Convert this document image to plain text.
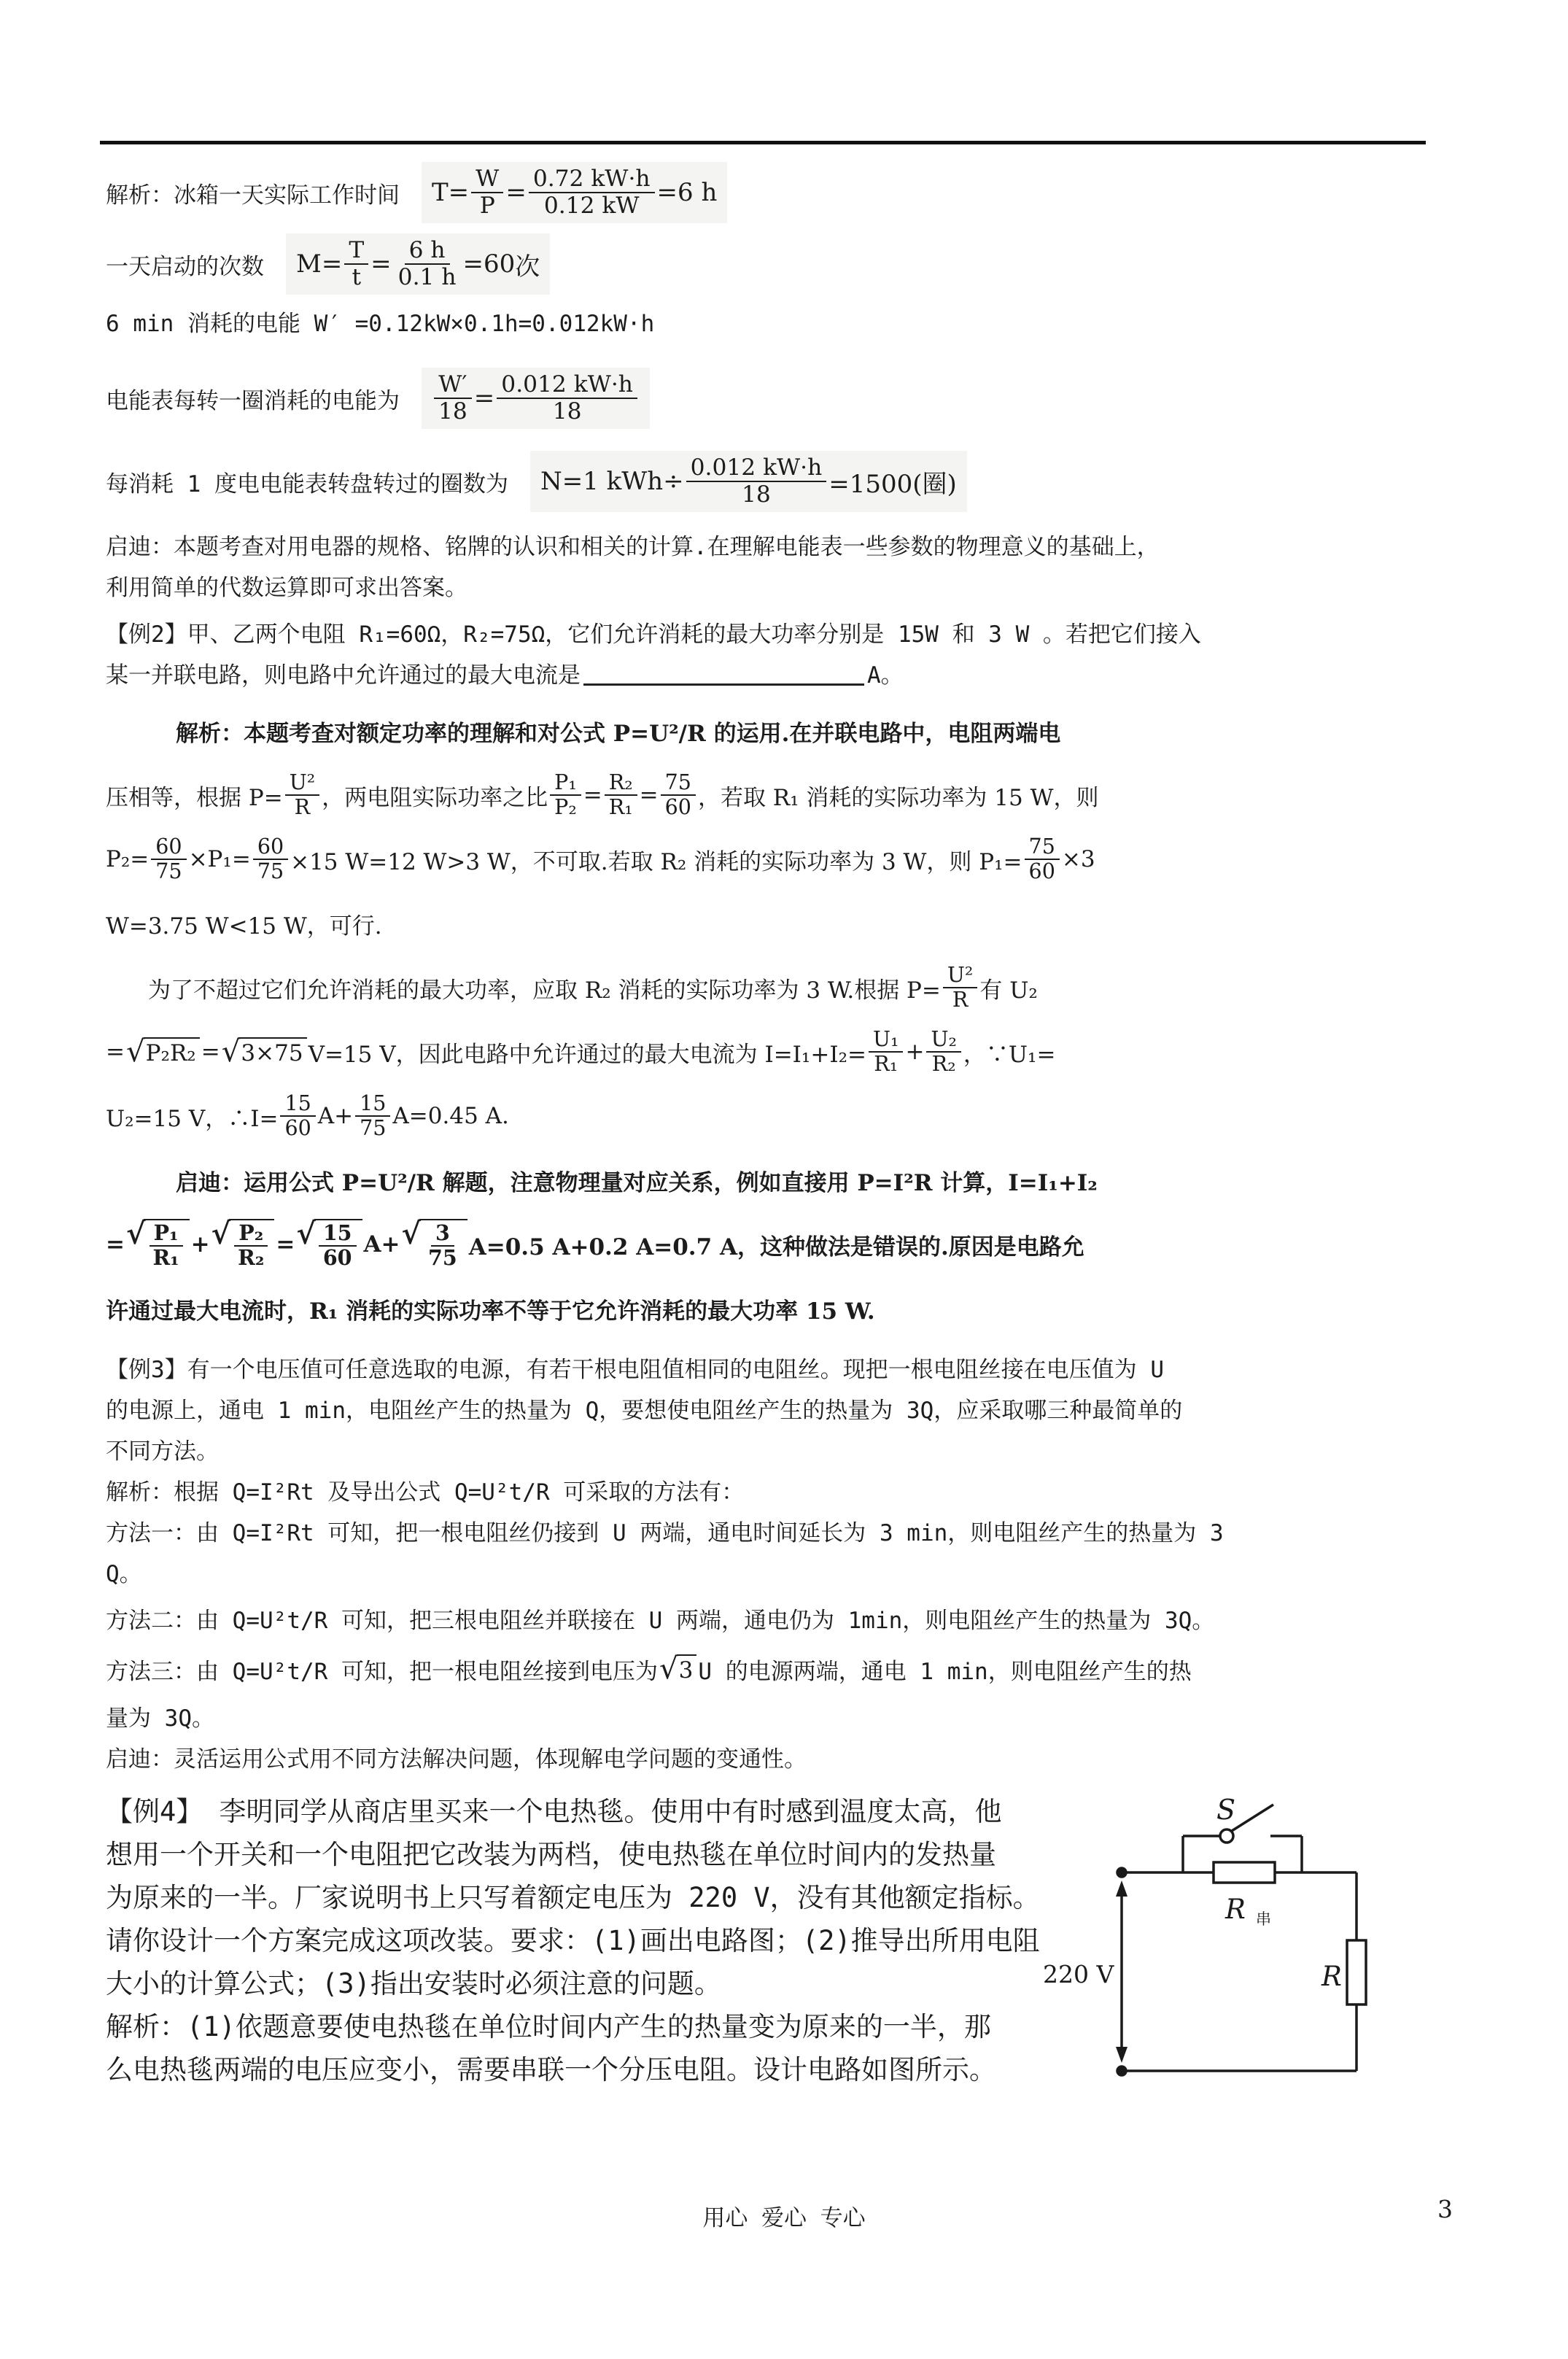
解析：冰箱一天实际工作时间 $T= \frac{W}{P} = \frac{0.72 kW\cdot h}{0.12 kW} =6$ h
一天启动的次数 $M= \frac{T}{t} = \frac{6 h}{0.1 h} =60$ 次
6 min 消耗的电能 W′ =0.12kW×0.1h=0.012kW·h
电能表每转一圈消耗的电能为 $\frac{W'}{18} = \frac{0.012 kW\cdot h}{18}$
每消耗 1 度电电能表转盘转过的圈数为 N=1 $kWh\div \frac{0.012 kW\cdot h}{18} =1500$(圈)
启迪：本题考查对用电器的规格、铭牌的认识和相关的计算.在理解电能表一些参数的物理意义的基础上，
利用简单的代数运算即可求出答案。
【例2】甲、乙两个电阻 R₁=60Ω，R₂=75Ω，它们允许消耗的最大功率分别是 15W 和 3 W 。若把它们接入
某一并联电路，则电路中允许通过的最大电流是	A。
解析：本题考查对额定功率的理解和对公式 P=U²/R 的运用.在并联电路中，电阻两端电
压相等，根据 $P= \frac{\text{U²}}{R}$ ，两电阻实际功率之比 $\frac{\text{P₁}}{\text{P₂}} = \frac{\text{R₂}}{\text{R₁}} = \frac{75}{60}$ ，若取 R₁ 消耗的实际功率为 15 W，则
$P_2= \frac{60}{75} \times P_1= \frac{60}{75} \times 15$ W=12 W>3 W，不可取.若取 R₂ 消耗的实际功率为 3 W，则 $P_1= \frac{75}{60} \times 3$
W=3.75 W<15 W，可行.
为了不超过它们允许消耗的最大功率，应取 R₂ 消耗的实际功率为 3 W.根据 $P= \frac{\text{U²}}{R}$ 有 U₂
= √ P₂R₂ = √ 3×75 V=15 V，因此电路中允许通过的最大电流为 $I=I_1+I_2= \frac{\text{U₁}}{\text{R₁}} + \frac{\text{U₂}}{\text{R₂}}$ ，∵U₁=
U₂=15 V，∴I= $\frac{15}{60} A+ \frac{15}{75} A=0.45$ A.
启迪：运用公式 P=U²/R 解题，注意物理量对应关系，例如直接用 P=I²R 计算，I=I₁+I₂
= √ $\frac{\text{P₁}}{\text{R₁}}$ + √ $\frac{\text{P₂}}{\text{R₂}}$ = √ $\frac{15}{60} A+$ √ $\frac{3}{75} A=0.5$ A+0.2 A=0.7 A，这种做法是错误的.原因是电路允
许通过最大电流时，R₁ 消耗的实际功率不等于它允许消耗的最大功率 15 W.
【例3】有一个电压值可任意选取的电源，有若干根电阻值相同的电阻丝。现把一根电阻丝接在电压值为 U
的电源上，通电 1 min，电阻丝产生的热量为 Q，要想使电阻丝产生的热量为 3Q，应采取哪三种最简单的
不同方法。
解析：根据 Q=I²Rt 及导出公式 Q=U²t/R 可采取的方法有：
方法一：由 Q=I²Rt 可知，把一根电阻丝仍接到 U 两端，通电时间延长为 3 min，则电阻丝产生的热量为 3
Q。
方法二：由 Q=U²t/R 可知，把三根电阻丝并联接在 U 两端，通电仍为 1min，则电阻丝产生的热量为 3Q。
方法三：由 Q=U²t/R 可知，把一根电阻丝接到电压为 √ 3 U 的电源两端，通电 1 min，则电阻丝产生的热
量为 3Q。
启迪：灵活运用公式用不同方法解决问题，体现解电学问题的变通性。
【例4】 李明同学从商店里买来一个电热毯。使用中有时感到温度太高，他
想用一个开关和一个电阻把它改装为两档，使电热毯在单位时间内的发热量
为原来的一半。厂家说明书上只写着额定电压为 220 V，没有其他额定指标。
请你设计一个方案完成这项改装。要求：(1)画出电路图；(2)推导出所用电阻
大小的计算公式；(3)指出安装时必须注意的问题。
解析：(1)依题意要使电热毯在单位时间内产生的热量变为原来的一半，那
么电热毯两端的电压应变小，需要串联一个分压电阻。设计电路如图所示。
S
R 串
R
220 V
用心 爱心 专心	3
